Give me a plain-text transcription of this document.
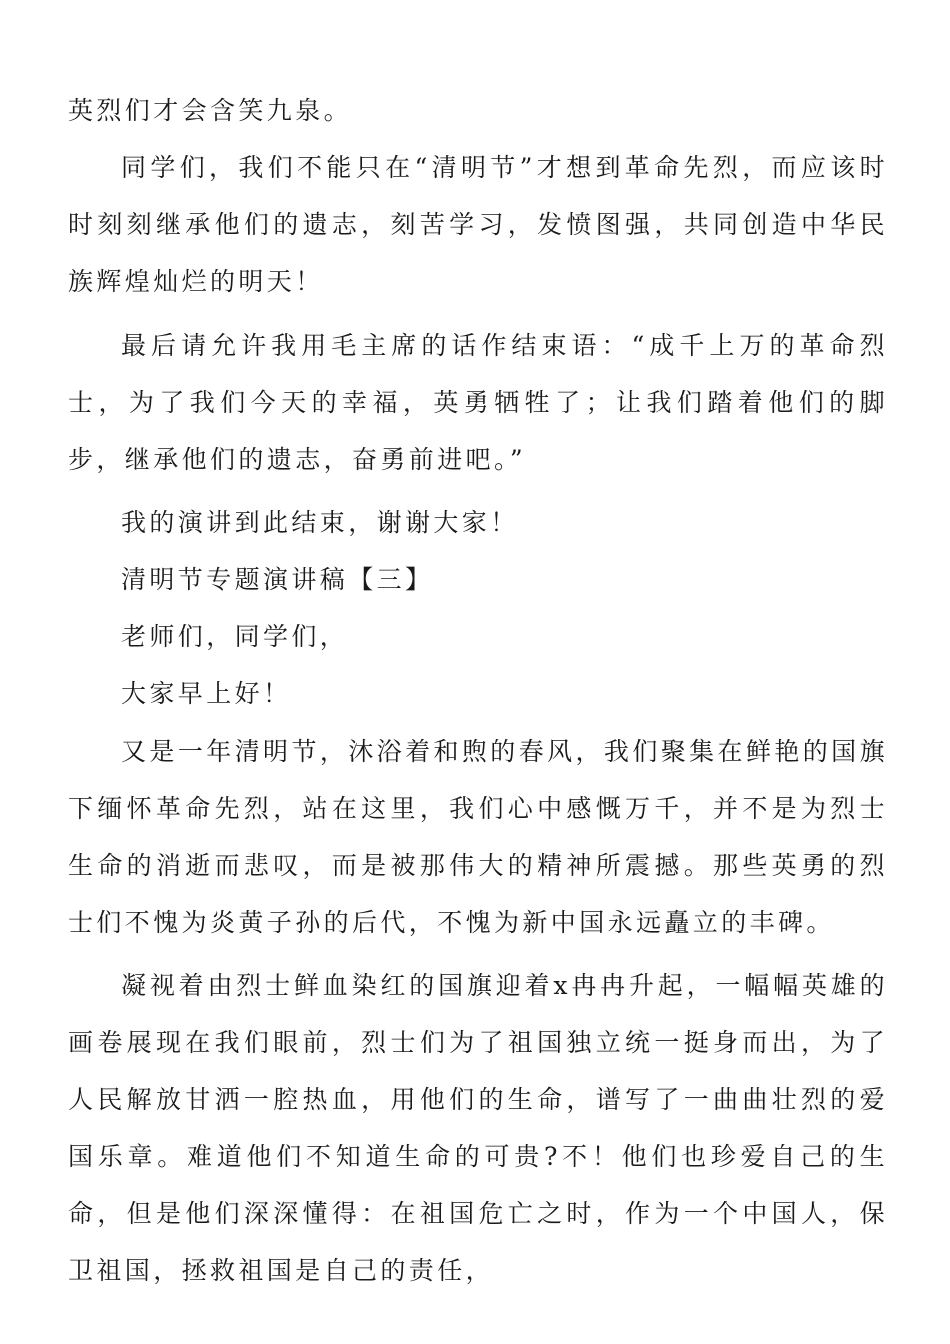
英烈们才会含笑九泉。

同学们，我们不能只在“清明节”才想到革命先烈，而应该时时刻刻继承他们的遗志，刻苦学习，发愤图强，共同创造中华民族辉煌灿烂的明天！

最后请允许我用毛主席的话作结束语：“成千上万的革命烈士，为了我们今天的幸福，英勇牺牲了；让我们踏着他们的脚步，继承他们的遗志，奋勇前进吧。”

我的演讲到此结束，谢谢大家！

清明节专题演讲稿【三】

老师们，同学们，

大家早上好！

又是一年清明节，沐浴着和煦的春风，我们聚集在鲜艳的国旗下缅怀革命先烈，站在这里，我们心中感慨万千，并不是为烈士生命的消逝而悲叹，而是被那伟大的精神所震撼。那些英勇的烈士们不愧为炎黄子孙的后代，不愧为新中国永远矗立的丰碑。

凝视着由烈士鲜血染红的国旗迎着x冉冉升起，一幅幅英雄的画卷展现在我们眼前，烈士们为了祖国独立统一挺身而出，为了人民解放甘洒一腔热血，用他们的生命，谱写了一曲曲壮烈的爱国乐章。难道他们不知道生命的可贵?不！他们也珍爱自己的生命，但是他们深深懂得：在祖国危亡之时，作为一个中国人，保卫祖国，拯救祖国是自己的责任，
